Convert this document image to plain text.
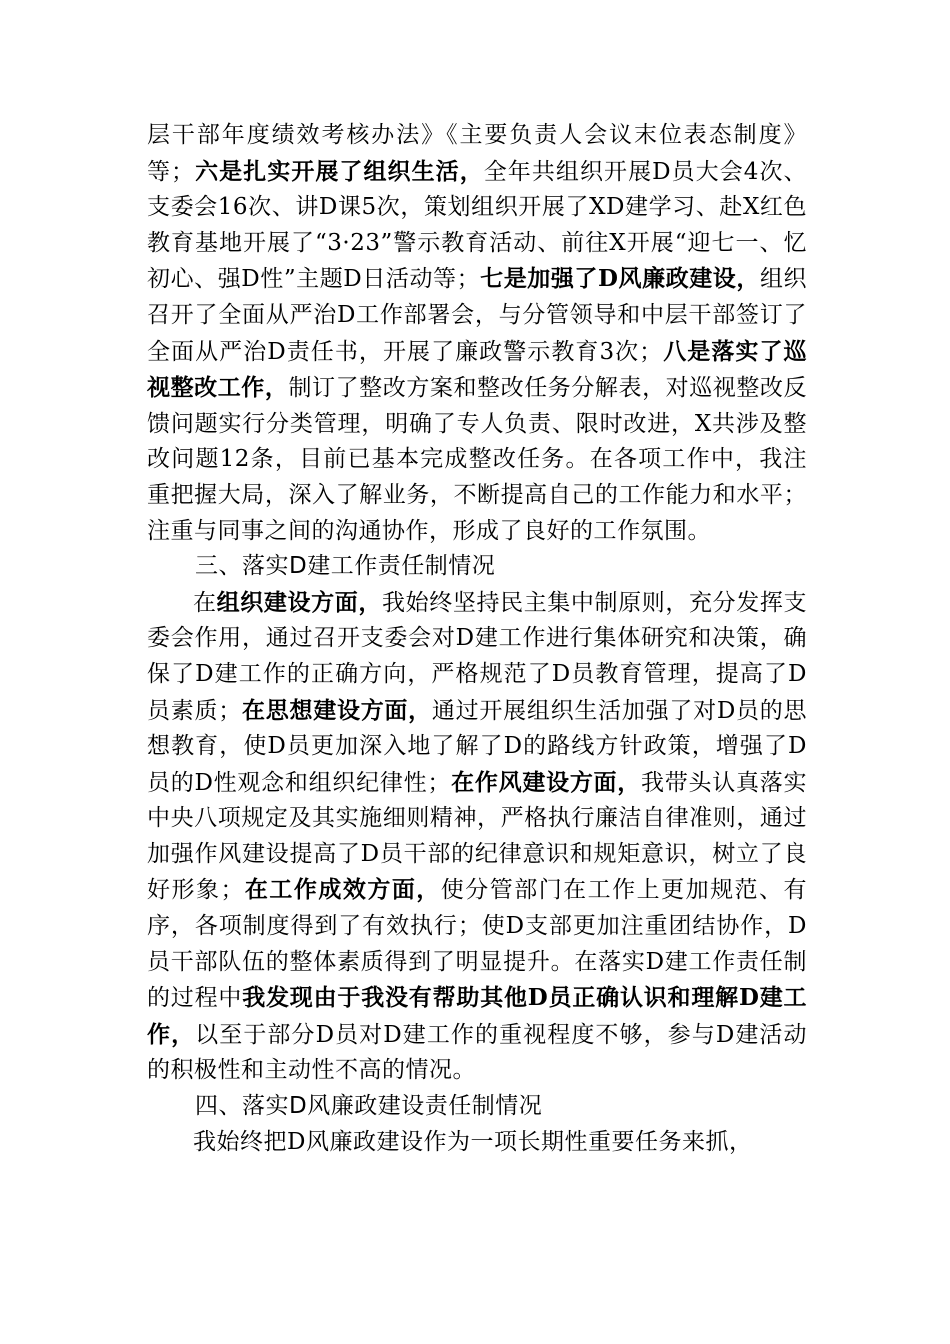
层干部年度绩效考核办法》《主要负责人会议末位表态制度》等；六是扎实开展了组织生活，全年共组织开展D员大会4次、支委会16次、讲D课5次，策划组织开展了XD建学习、赴X红色教育基地开展了“3·23”警示教育活动、前往X开展“迎七一、忆初心、强D性”主题D日活动等；七是加强了D风廉政建设，组织召开了全面从严治D工作部署会，与分管领导和中层干部签订了全面从严治D责任书，开展了廉政警示教育3次；八是落实了巡视整改工作，制订了整改方案和整改任务分解表，对巡视整改反馈问题实行分类管理，明确了专人负责、限时改进，X共涉及整改问题12条，目前已基本完成整改任务。在各项工作中，我注重把握大局，深入了解业务，不断提高自己的工作能力和水平；注重与同事之间的沟通协作，形成了良好的工作氛围。

三、落实D建工作责任制情况

在组织建设方面，我始终坚持民主集中制原则，充分发挥支委会作用，通过召开支委会对D建工作进行集体研究和决策，确保了D建工作的正确方向，严格规范了D员教育管理，提高了D员素质；在思想建设方面，通过开展组织生活加强了对D员的思想教育，使D员更加深入地了解了D的路线方针政策，增强了D员的D性观念和组织纪律性；在作风建设方面，我带头认真落实中央八项规定及其实施细则精神，严格执行廉洁自律准则，通过加强作风建设提高了D员干部的纪律意识和规矩意识，树立了良好形象；在工作成效方面，使分管部门在工作上更加规范、有序，各项制度得到了有效执行；使D支部更加注重团结协作，D员干部队伍的整体素质得到了明显提升。在落实D建工作责任制的过程中我发现由于我没有帮助其他D员正确认识和理解D建工作，以至于部分D员对D建工作的重视程度不够，参与D建活动的积极性和主动性不高的情况。

四、落实D风廉政建设责任制情况

我始终把D风廉政建设作为一项长期性重要任务来抓，
